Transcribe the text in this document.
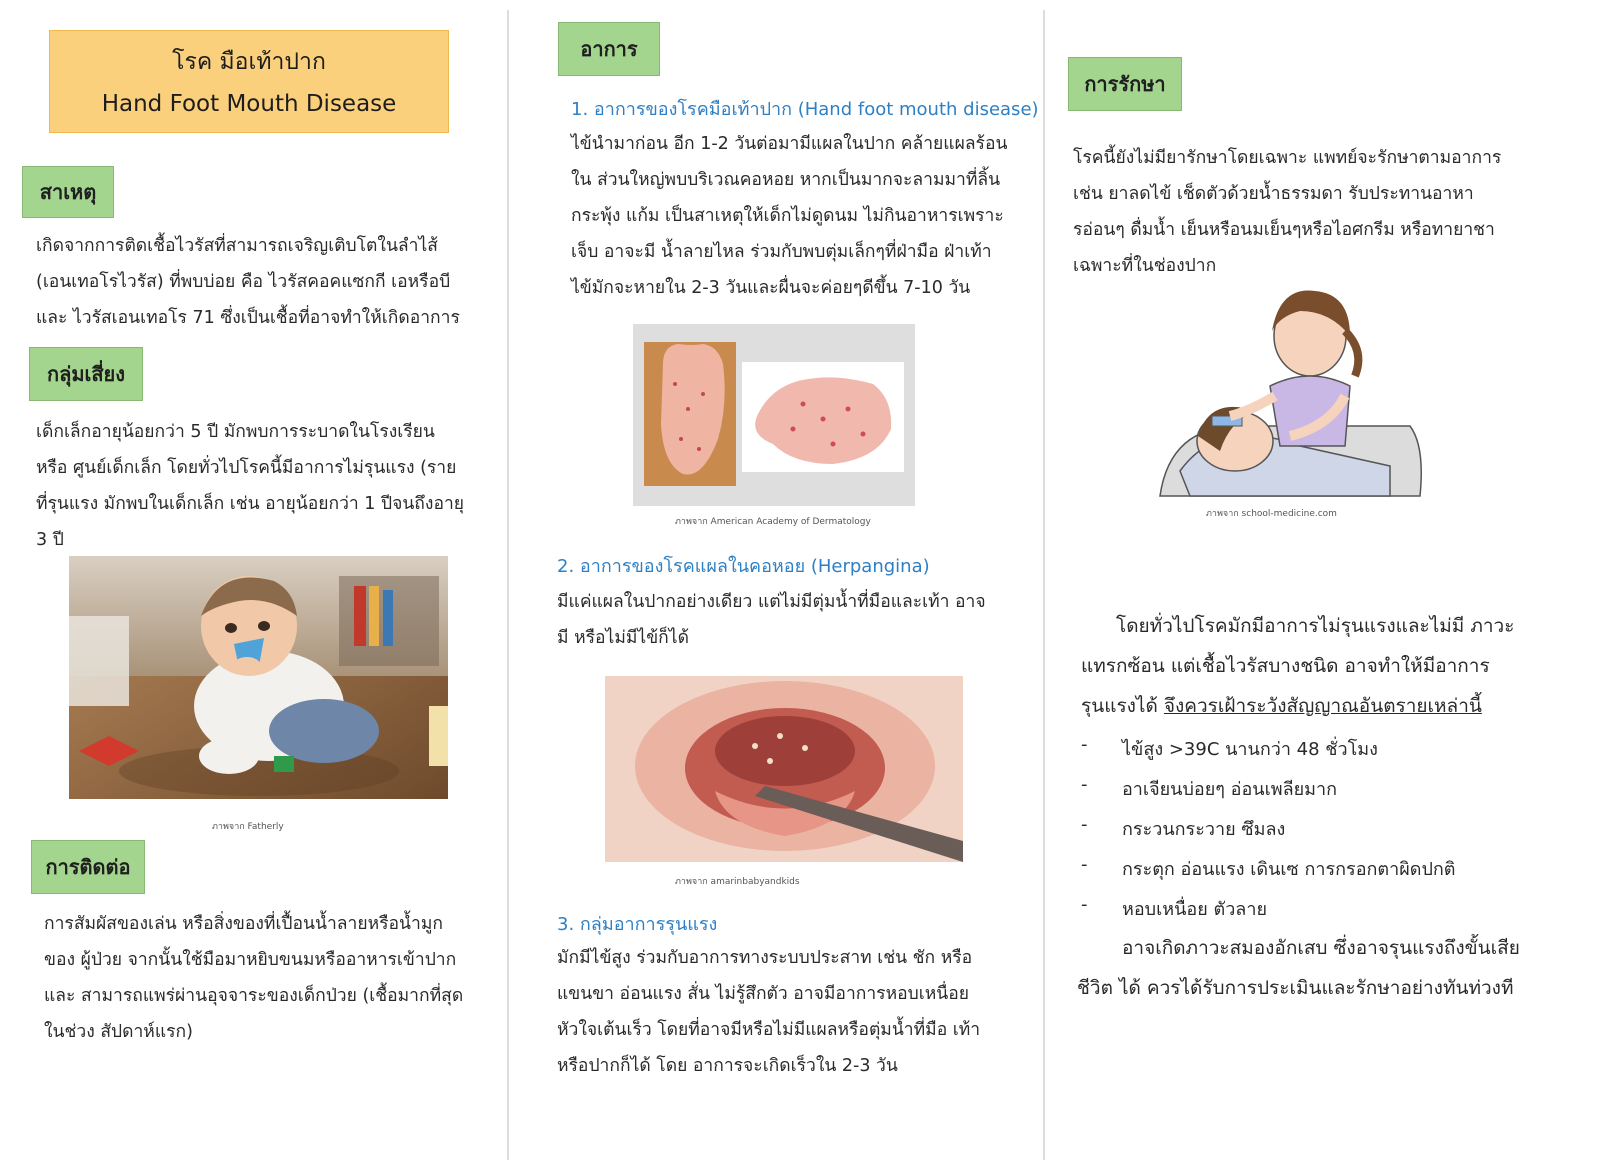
โรค มือเท้าปาก
Hand Foot Mouth Disease
สาเหตุ
เกิดจากการติดเชื้อไวรัสที่สามารถเจริญเติบโตในลำไส้ (เอนเทอโรไวรัส) ที่พบบ่อย คือ ไวรัสคอคแซกกี เอหรือบี และ ไวรัสเอนเทอโร 71 ซึ่งเป็นเชื้อที่อาจทำให้เกิดอาการ
กลุ่มเสี่ยง
เด็กเล็กอายุน้อยกว่า 5 ปี มักพบการระบาดในโรงเรียนหรือ ศูนย์เด็กเล็ก โดยทั่วไปโรคนี้มีอาการไม่รุนแรง (รายที่รุนแรง มักพบในเด็กเล็ก เช่น อายุน้อยกว่า 1 ปีจนถึงอายุ 3 ปี
ภาพจาก Fatherly
การติดต่อ
การสัมผัสของเล่น หรือสิ่งของที่เปื้อนน้ำลายหรือน้ำมูกของ ผู้ป่วย จากนั้นใช้มือมาหยิบขนมหรืออาหารเข้าปาก และ สามารถแพร่ผ่านอุจจาระของเด็กป่วย (เชื้อมากที่สุดในช่วง สัปดาห์แรก)
อาการ
1. อาการของโรคมือเท้าปาก (Hand foot mouth disease)
ไข้นำมาก่อน อีก 1-2 วันต่อมามีแผลในปาก คล้ายแผลร้อนใน ส่วนใหญ่พบบริเวณคอหอย หากเป็นมากจะลามมาที่ลิ้น กระพุ้ง แก้ม เป็นสาเหตุให้เด็กไม่ดูดนม ไม่กินอาหารเพราะเจ็บ อาจะมี น้ำลายไหล ร่วมกับพบตุ่มเล็กๆที่ฝ่ามือ ฝ่าเท้า ไข้มักจะหายใน 2-3 วันและผื่นจะค่อยๆดีขึ้น 7-10 วัน
ภาพจาก American Academy of Dermatology
2. อาการของโรคแผลในคอหอย (Herpangina)
มีแค่แผลในปากอย่างเดียว แต่ไม่มีตุ่มน้ำที่มือและเท้า อาจมี หรือไม่มีไข้ก็ได้
ภาพจาก amarinbabyandkids
3. กลุ่มอาการรุนแรง
มักมีไข้สูง ร่วมกับอาการทางระบบประสาท เช่น ชัก หรือแขนขา อ่อนแรง สั่น ไม่รู้สึกตัว อาจมีอาการหอบเหนื่อย หัวใจเต้นเร็ว โดยที่อาจมีหรือไม่มีแผลหรือตุ่มน้ำที่มือ เท้าหรือปากก็ได้ โดย อาการจะเกิดเร็วใน 2-3 วัน
การรักษา
โรคนี้ยังไม่มียารักษาโดยเฉพาะ แพทย์จะรักษาตามอาการ เช่น ยาลดไข้ เช็ดตัวด้วยน้ำธรรมดา รับประทานอาหารอ่อนๆ ดื่มน้ำ เย็นหรือนมเย็นๆหรือไอศกรีม หรือทายาชาเฉพาะที่ในช่องปาก
ภาพจาก school-medicine.com
โดยทั่วไปโรคมักมีอาการไม่รุนแรงและไม่มี ภาวะแทรกซ้อน แต่เชื้อไวรัสบางชนิด อาจทำให้มีอาการ รุนแรงได้ จึงควรเฝ้าระวังสัญญาณอันตรายเหล่านี้
- ไข้สูง >39C นานกว่า 48 ชั่วโมง
- อาเจียนบ่อยๆ อ่อนเพลียมาก
- กระวนกระวาย ซึมลง
- กระตุก อ่อนแรง เดินเซ การกรอกตาผิดปกติ
- หอบเหนื่อย ตัวลาย
อาจเกิดภาวะสมองอักเสบ ซึ่งอาจรุนแรงถึงขั้นเสียชีวิต ได้ ควรได้รับการประเมินและรักษาอย่างทันท่วงที
